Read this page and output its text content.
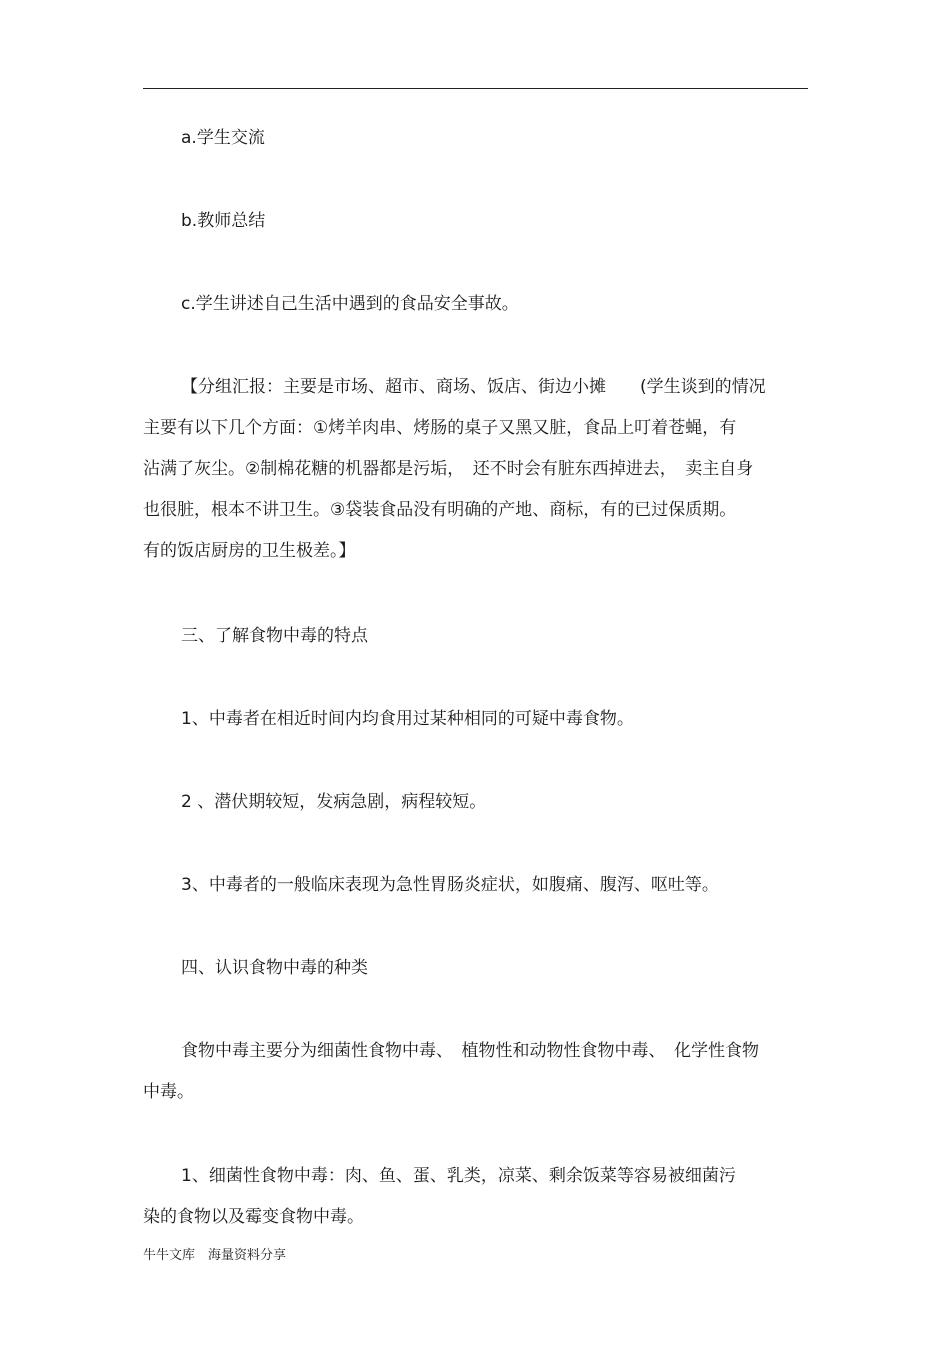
a.学生交流

b.教师总结

c.学生讲述自己生活中遇到的食品安全事故。

【分组汇报：主要是市场、超市、商场、饭店、街边小摊　　(学生谈到的情况

主要有以下几个方面：①烤羊肉串、烤肠的桌子又黑又脏，食品上叮着苍蝇，有

沾满了灰尘。②制棉花糖的机器都是污垢，　还不时会有脏东西掉进去，　卖主自身

也很脏，根本不讲卫生。③袋装食品没有明确的产地、商标，有的已过保质期。

有的饭店厨房的卫生极差。】

三、了解食物中毒的特点

1、中毒者在相近时间内均食用过某种相同的可疑中毒食物。

2 、潜伏期较短，发病急剧，病程较短。

3、中毒者的一般临床表现为急性胃肠炎症状，如腹痛、腹泻、呕吐等。

四、认识食物中毒的种类

食物中毒主要分为细菌性食物中毒、　植物性和动物性食物中毒、　化学性食物

中毒。

1、细菌性食物中毒：肉、鱼、蛋、乳类，凉菜、剩余饭菜等容易被细菌污

染的食物以及霉变食物中毒。

牛牛文库　海量资料分享
